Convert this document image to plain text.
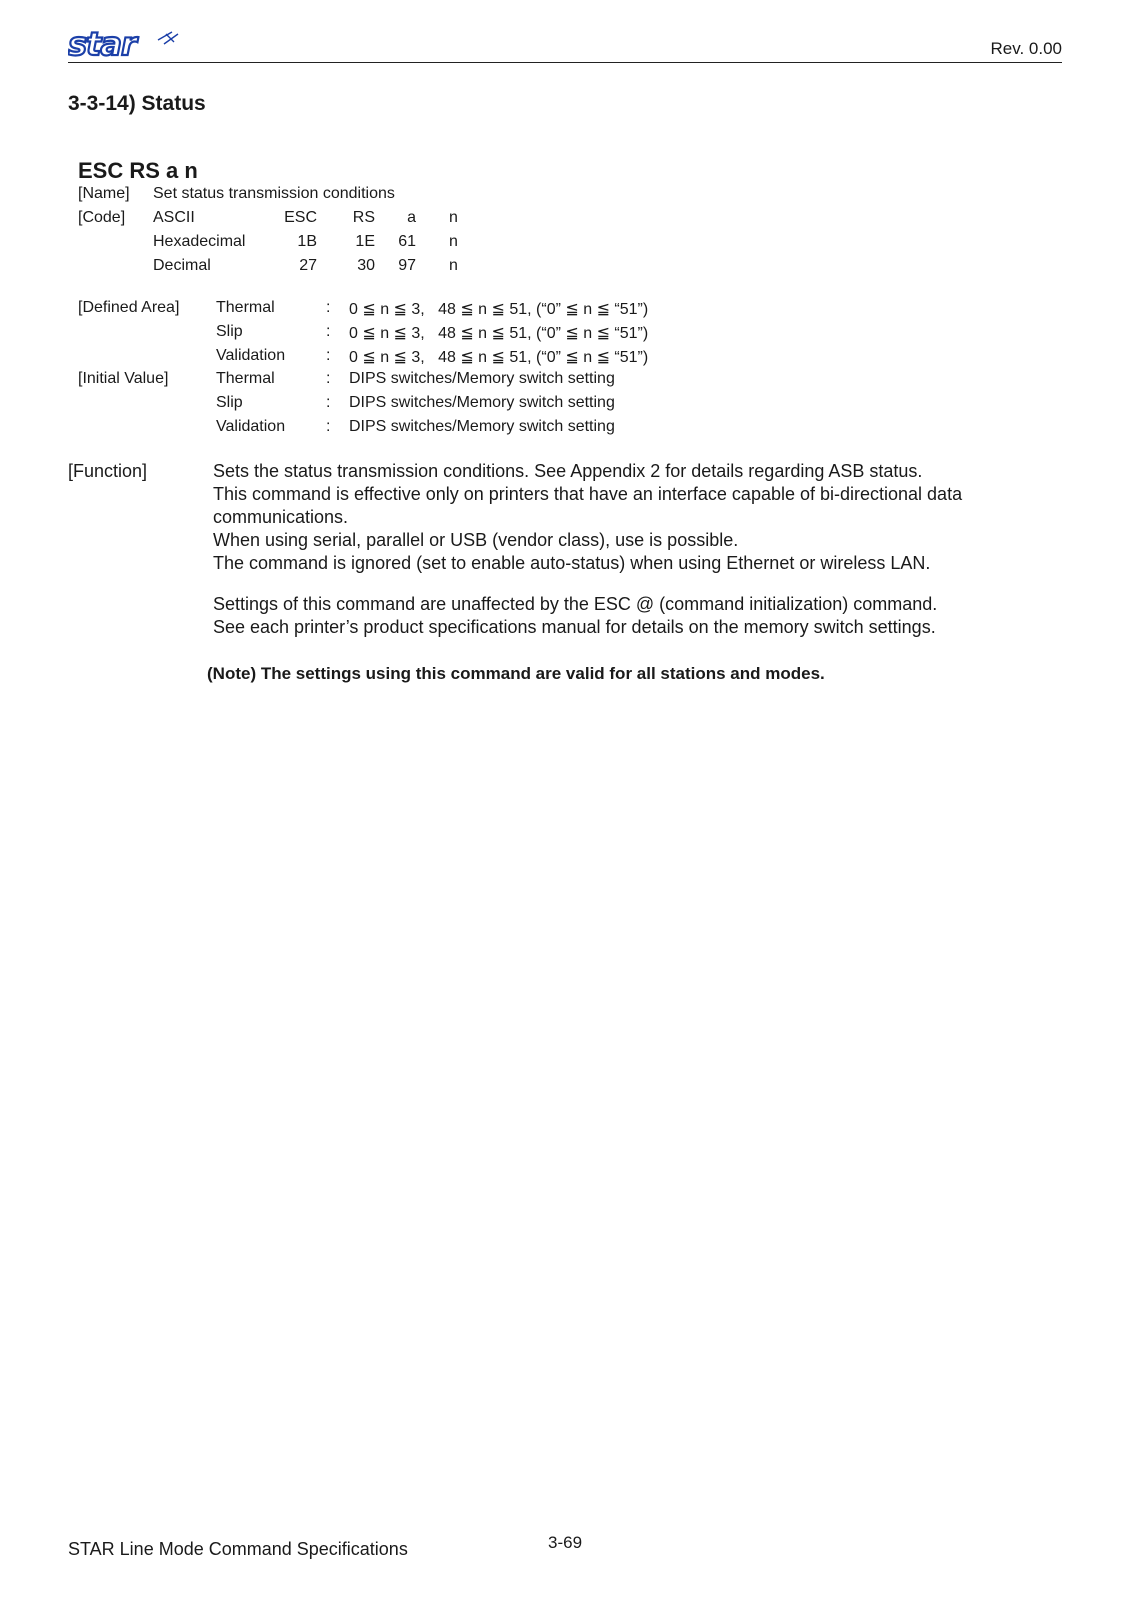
star	Rev. 0.00
3-3-14) Status
ESC RS a n
[Name] Set status transmission conditions
[Code] ASCII	ESC	RS	a n
Hexadecimal	1B	1E	61 n
Decimal	27	30	97 n
[Defined Area] Thermal	: 0 ≦ n ≦ 3,   48 ≦ n ≦ 51, (“0” ≦ n ≦ “51”)
Slip	: 0 ≦ n ≦ 3,   48 ≦ n ≦ 51, (“0” ≦ n ≦ “51”)
Validation	: 0 ≦ n ≦ 3,   48 ≦ n ≦ 51, (“0” ≦ n ≦ “51”)
[Initial Value]	Thermal	: DIPS switches/Memory switch setting
Slip	: DIPS switches/Memory switch setting
Validation	: DIPS switches/Memory switch setting
[Function]	Sets the status transmission conditions. See Appendix 2 for details regarding ASB status.
This command is effective only on printers that have an interface capable of bi-directional data
communications.
When using serial, parallel or USB (vendor class), use is possible.
The command is ignored (set to enable auto-status) when using Ethernet or wireless LAN.
Settings of this command are unaffected by the ESC @ (command initialization) command.
See each printer’s product specifications manual for details on the memory switch settings.
(Note) The settings using this command are valid for all stations and modes.
STAR Line Mode Command Specifications	3-69
